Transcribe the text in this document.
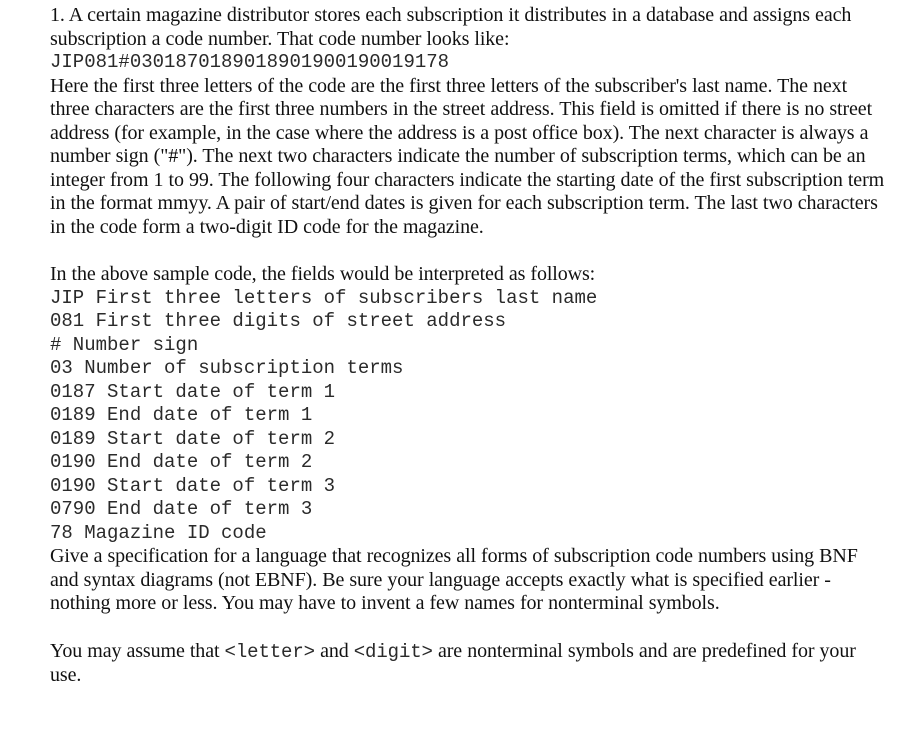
1. A certain magazine distributor stores each subscription it distributes in a database and assigns each subscription a code number. That code number looks like:

JIP081#0301870189018901900190019178

Here the first three letters of the code are the first three letters of the subscriber's last name. The next three characters are the first three numbers in the street address. This field is omitted if there is no street address (for example, in the case where the address is a post office box). The next character is always a number sign ("#"). The next two characters indicate the number of subscription terms, which can be an integer from 1 to 99. The following four characters indicate the starting date of the first subscription term in the format mmyy. A pair of start/end dates is given for each subscription term. The last two characters in the code form a two-digit ID code for the magazine.

In the above sample code, the fields would be interpreted as follows:

JIP First three letters of subscribers last name
081 First three digits of street address
# Number sign
03 Number of subscription terms
0187 Start date of term 1
0189 End date of term 1
0189 Start date of term 2
0190 End date of term 2
0190 Start date of term 3
0790 End date of term 3
78 Magazine ID code

Give a specification for a language that recognizes all forms of subscription code numbers using BNF and syntax diagrams (not EBNF). Be sure your language accepts exactly what is specified earlier - nothing more or less. You may have to invent a few names for nonterminal symbols.

You may assume that <letter> and <digit> are nonterminal symbols and are predefined for your use.
